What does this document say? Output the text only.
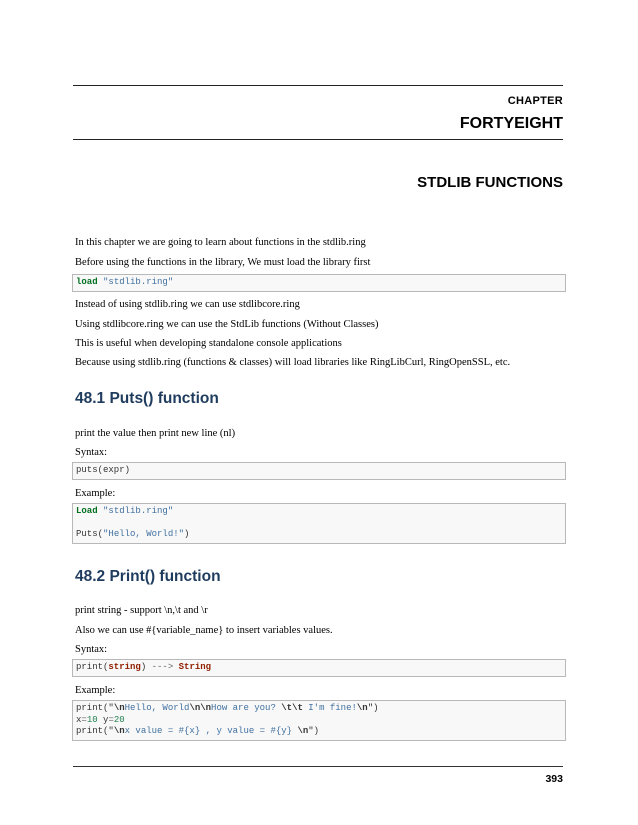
CHAPTER
FORTYEIGHT
STDLIB FUNCTIONS
In this chapter we are going to learn about functions in the stdlib.ring
Before using the functions in the library, We must load the library first
load "stdlib.ring"
Instead of using stdlib.ring we can use stdlibcore.ring
Using stdlibcore.ring we can use the StdLib functions (Without Classes)
This is useful when developing standalone console applications
Because using stdlib.ring (functions & classes) will load libraries like RingLibCurl, RingOpenSSL, etc.
48.1 Puts() function
print the value then print new line (nl)
Syntax:
puts(expr)
Example:
Load "stdlib.ring"

Puts("Hello, World!")
48.2 Print() function
print string - support \n,\t and \r
Also we can use #{variable_name} to insert variables values.
Syntax:
print(string) ---> String
Example:
print("\nHello, World\n\nHow are you? \t\t I'm fine!\n")
x=10 y=20
print("\nx value = #{x} , y value = #{y} \n")
393
